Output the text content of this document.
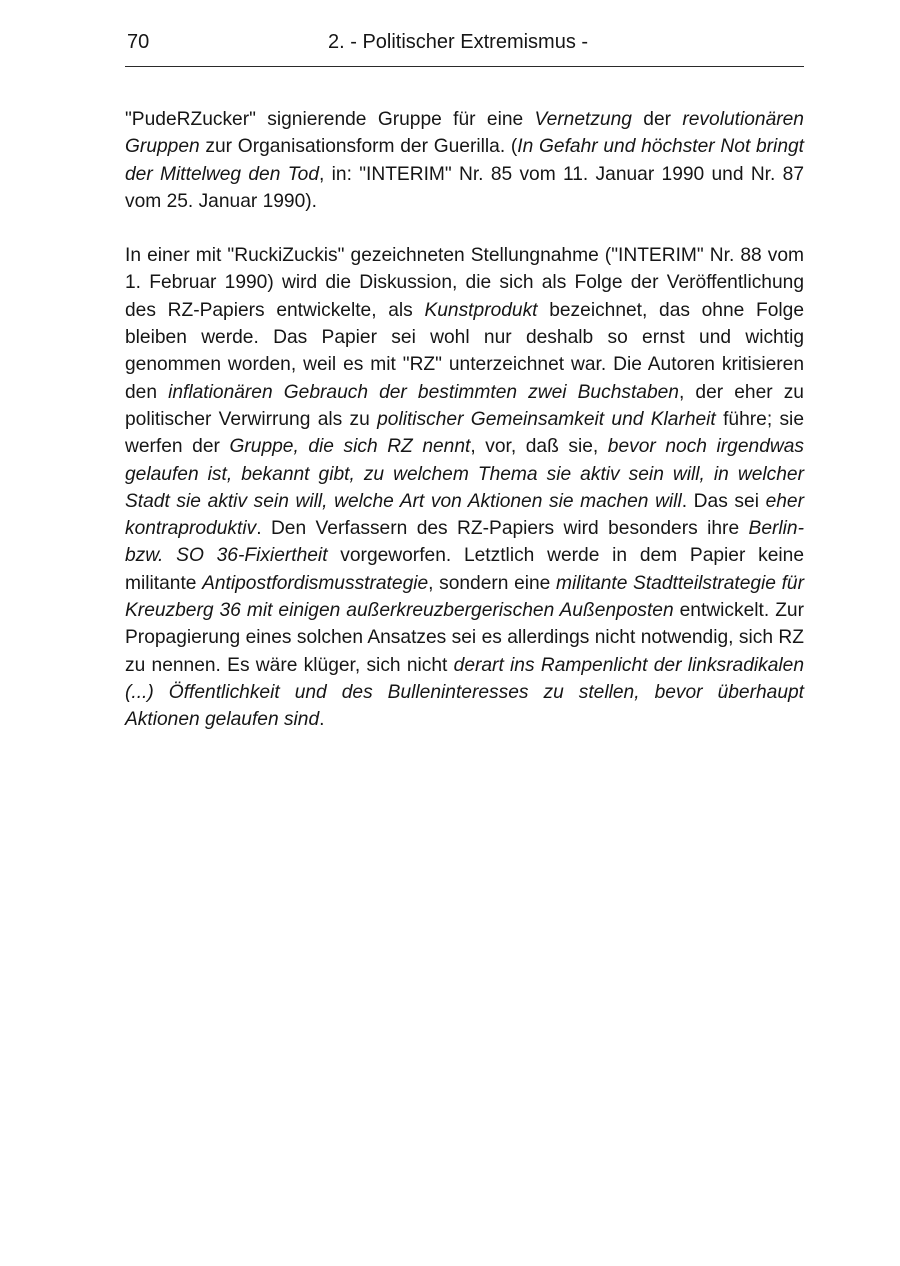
70	2. - Politischer Extremismus -

"PudeRZucker" signierende Gruppe für eine Vernetzung der revolutionären Gruppen zur Organisationsform der Guerilla. (In Gefahr und höchster Not bringt der Mittelweg den Tod, in: "INTERIM" Nr. 85 vom 11. Januar 1990 und Nr. 87 vom 25. Januar 1990).

In einer mit "RuckiZuckis" gezeichneten Stellungnahme ("INTERIM" Nr. 88 vom 1. Februar 1990) wird die Diskussion, die sich als Folge der Veröffentlichung des RZ-Papiers entwickelte, als Kunstprodukt bezeichnet, das ohne Folge bleiben werde. Das Papier sei wohl nur deshalb so ernst und wichtig genommen worden, weil es mit "RZ" unterzeichnet war. Die Autoren kritisieren den inflationären Gebrauch der bestimmten zwei Buchstaben, der eher zu politischer Verwirrung als zu politischer Gemeinsamkeit und Klarheit führe; sie werfen der Gruppe, die sich RZ nennt, vor, daß sie, bevor noch irgendwas gelaufen ist, bekannt gibt, zu welchem Thema sie aktiv sein will, in welcher Stadt sie aktiv sein will, welche Art von Aktionen sie machen will. Das sei eher kontraproduktiv. Den Verfassern des RZ-Papiers wird besonders ihre Berlin- bzw. SO 36-Fixiertheit vorgeworfen. Letztlich werde in dem Papier keine militante Antipostfordismusstrategie, sondern eine militante Stadtteilstrategie für Kreuzberg 36 mit einigen außerkreuzbergerischen Außenposten entwickelt. Zur Propagierung eines solchen Ansatzes sei es allerdings nicht notwendig, sich RZ zu nennen. Es wäre klüger, sich nicht derart ins Rampenlicht der linksradikalen (...) Öffentlichkeit und des Bulleninteresses zu stellen, bevor überhaupt Aktionen gelaufen sind.
